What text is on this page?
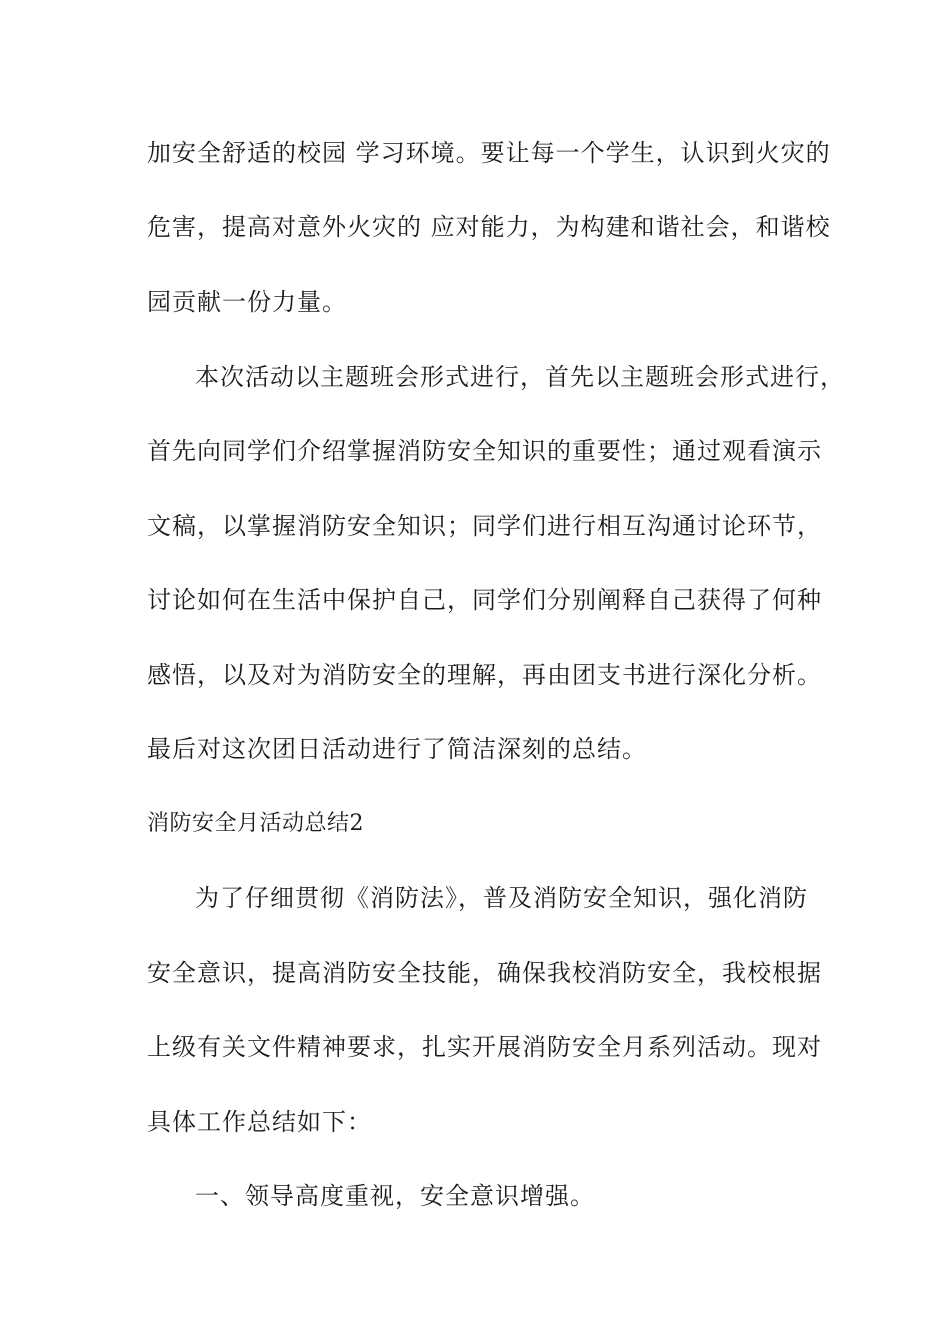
加安全舒适的校园 学习环境。要让每一个学生，认识到火灾的
危害，提高对意外火灾的 应对能力，为构建和谐社会，和谐校
园贡献一份力量。
本次活动以主题班会形式进行，首先以主题班会形式进行，
首先向同学们介绍掌握消防安全知识的重要性；通过观看演示
文稿，以掌握消防安全知识；同学们进行相互沟通讨论环节，
讨论如何在生活中保护自己，同学们分别阐释自己获得了何种
感悟，以及对为消防安全的理解，再由团支书进行深化分析。
最后对这次团日活动进行了简洁深刻的总结。
消防安全月活动总结2
为了仔细贯彻《消防法》，普及消防安全知识，强化消防
安全意识，提高消防安全技能，确保我校消防安全，我校根据
上级有关文件精神要求，扎实开展消防安全月系列活动。现对
具体工作总结如下：
一、领导高度重视，安全意识增强。
